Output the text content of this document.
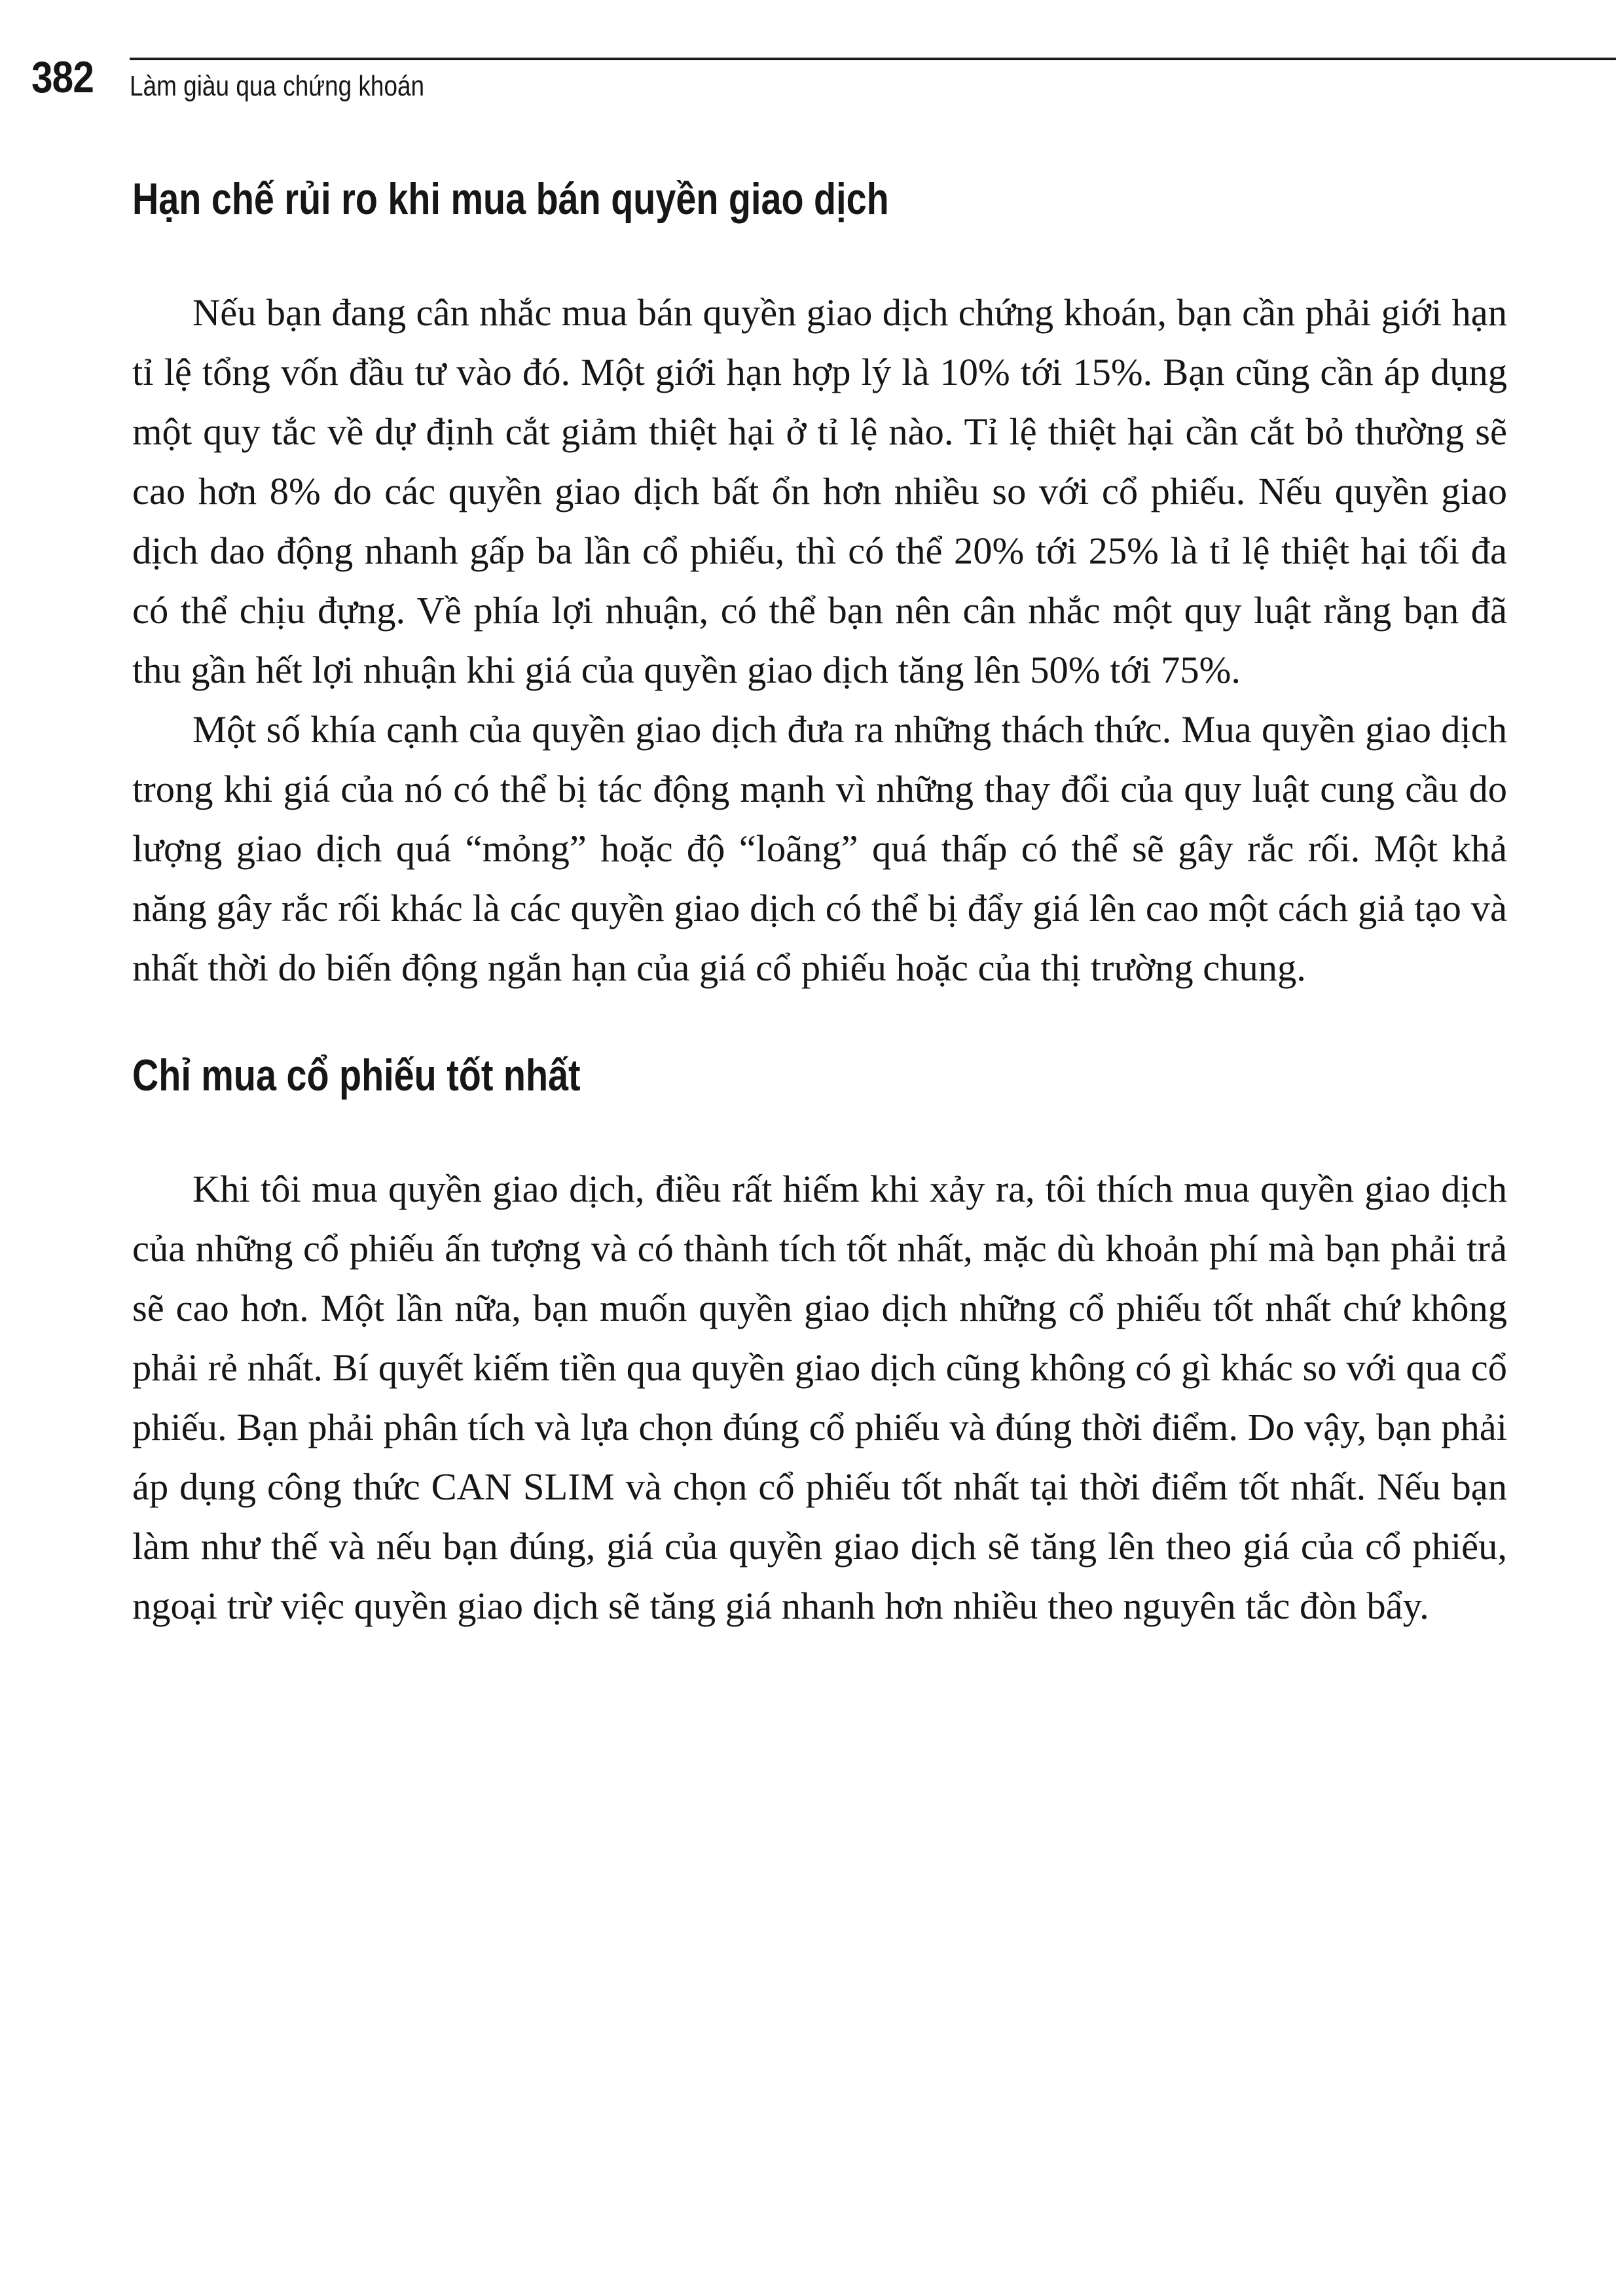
382 Làm giàu qua chứng khoán
Hạn chế rủi ro khi mua bán quyền giao dịch

Nếu bạn đang cân nhắc mua bán quyền giao dịch chứng khoán, bạn cần phải giới hạn tỉ lệ tổng vốn đầu tư vào đó. Một giới hạn hợp lý là 10% tới 15%. Bạn cũng cần áp dụng một quy tắc về dự định cắt giảm thiệt hại ở tỉ lệ nào. Tỉ lệ thiệt hại cần cắt bỏ thường sẽ cao hơn 8% do các quyền giao dịch bất ổn hơn nhiều so với cổ phiếu. Nếu quyền giao dịch dao động nhanh gấp ba lần cổ phiếu, thì có thể 20% tới 25% là tỉ lệ thiệt hại tối đa có thể chịu đựng. Về phía lợi nhuận, có thể bạn nên cân nhắc một quy luật rằng bạn đã thu gần hết lợi nhuận khi giá của quyền giao dịch tăng lên 50% tới 75%.

Một số khía cạnh của quyền giao dịch đưa ra những thách thức. Mua quyền giao dịch trong khi giá của nó có thể bị tác động mạnh vì những thay đổi của quy luật cung cầu do lượng giao dịch quá “mỏng” hoặc độ “loãng” quá thấp có thể sẽ gây rắc rối. Một khả năng gây rắc rối khác là các quyền giao dịch có thể bị đẩy giá lên cao một cách giả tạo và nhất thời do biến động ngắn hạn của giá cổ phiếu hoặc của thị trường chung.

Chỉ mua cổ phiếu tốt nhất

Khi tôi mua quyền giao dịch, điều rất hiếm khi xảy ra, tôi thích mua quyền giao dịch của những cổ phiếu ấn tượng và có thành tích tốt nhất, mặc dù khoản phí mà bạn phải trả sẽ cao hơn. Một lần nữa, bạn muốn quyền giao dịch những cổ phiếu tốt nhất chứ không phải rẻ nhất. Bí quyết kiếm tiền qua quyền giao dịch cũng không có gì khác so với qua cổ phiếu. Bạn phải phân tích và lựa chọn đúng cổ phiếu và đúng thời điểm. Do vậy, bạn phải áp dụng công thức CAN SLIM và chọn cổ phiếu tốt nhất tại thời điểm tốt nhất. Nếu bạn làm như thế và nếu bạn đúng, giá của quyền giao dịch sẽ tăng lên theo giá của cổ phiếu, ngoại trừ việc quyền giao dịch sẽ tăng giá nhanh hơn nhiều theo nguyên tắc đòn bẩy.
